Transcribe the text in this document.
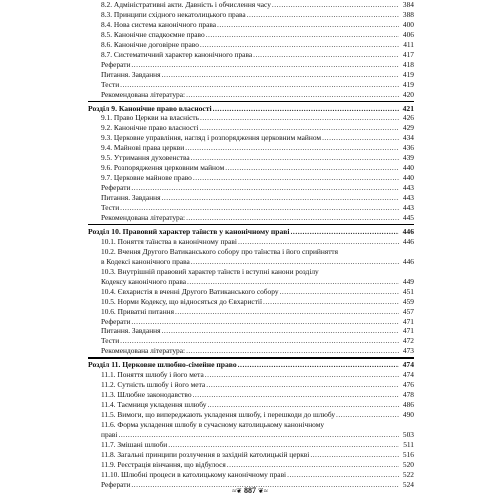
8.2. Адміністративні акти. Давність і обчислення часу .....	384
8.3. Принципи східного некатолицького права .....	388
8.4. Нова система канонічного права .....	400
8.5. Канонічне спадкоємне право .....	406
8.6. Канонічне договірне право .....	411
8.7. Систематичний характер канонічного права .....	417
Реферати .....	418
Питання. Завдання .....	419
Тести .....	419
Рекомендована література: .....	420
Розділ 9. Канонічне право власності .....	421
9.1. Право Церкви на власність .....	426
9.2. Канонічне право власності .....	429
9.3. Церковне управління, нагляд і розпорядження церковним майном .....	434
9.4. Майнові права церкви .....	436
9.5. Утримання духовенства .....	439
9.6. Розпорядження церковним майном .....	440
9.7. Церковне майнове право .....	440
Реферати .....	443
Питання. Завдання .....	443
Тести .....	443
Рекомендована література: .....	445
Розділ 10. Правовий характер таїнств у канонічному праві .....	446
10.1. Поняття таїнства в канонічному праві .....	446
10.2. Вчення Другого Ватиканського собору про таїнства і його сприйняття
в Кодексі канонічного права .....	446
10.3. Внутрішній правовий характер таїнств і вступні канони розділу
Кодексу канонічного права .....	449
10.4. Євхаристія в вченні Другого Ватиканського собору .....	451
10.5. Норми Кодексу, що відносяться до Євхаристії .....	459
10.6. Приватні питання .....	457
Реферати .....	471
Питання. Завдання .....	471
Тести .....	472
Рекомендована література: .....	473
Розділ 11. Церковне шлюбно-сімейне право .....	474
11.1. Поняття шлюбу і його мета .....	474
11.2. Сутність шлюбу і його мета .....	476
11.3. Шлюбне законодавство .....	478
11.4. Таємниця укладення шлюбу .....	486
11.5. Вимоги, що випереджають укладення шлюбу, і перешкоди до шлюбу .....	490
11.6. Форма укладення шлюбу в сучасному католицькому канонічному
праві .....	503
11.7. Змішані шлюби .....	511
11.8. Загальні принципи розлучення в західній католицькій церкві .....	516
11.9. Реєстрація вінчання, що відбулося .....	520
11.10. Шлюбні процеси в католицькому канонічному праві .....	522
Реферати .....	524
≈❦ 887 ❦≈
